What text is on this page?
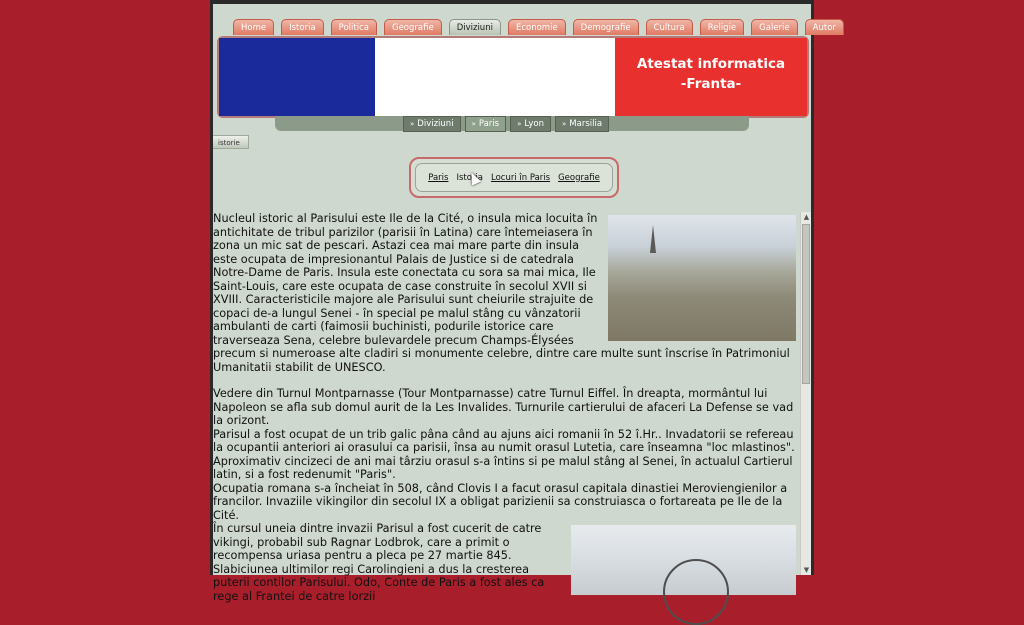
Home	Istoria	Politica	Geografie	Diviziuni	Economie	Demografie	Cultura	Religie	Galerie	Autor
Atestat informatica
-Franta-
» Diviziuni	» Paris	» Lyon	» Marsilia
istorie
Paris Istoria Locuri în Paris Geografie

Nucleul istoric al Parisului este Ile de la Cité, o insula mica locuita în antichitate de tribul parizilor (parisii în Latina) care întemeiasera în zona un mic sat de pescari. Astazi cea mai mare parte din insula este ocupata de impresionantul Palais de Justice si de catedrala Notre-Dame de Paris. Insula este conectata cu sora sa mai mica, Ile Saint-Louis, care este ocupata de case construite în secolul XVII si XVIII. Caracteristicile majore ale Parisului sunt cheiurile strajuite de copaci de-a lungul Senei - în special pe malul stâng cu vânzatorii ambulanti de carti (faimosii buchinisti, podurile istorice care traverseaza Sena, celebre bulevardele precum Champs-Élysées precum si numeroase alte cladiri si monumente celebre, dintre care multe sunt înscrise în Patrimoniul Umanitatii stabilit de UNESCO.

Vedere din Turnul Montparnasse (Tour Montparnasse) catre Turnul Eiffel. În dreapta, mormântul lui Napoleon se afla sub domul aurit de la Les Invalides. Turnurile cartierului de afaceri La Defense se vad la orizont.

Parisul a fost ocupat de un trib galic pâna când au ajuns aici romanii în 52 î.Hr.. Invadatorii se refereau la ocupantii anteriori ai orasului ca parisii, însa au numit orasul Lutetia, care înseamna "loc mlastinos". Aproximativ cincizeci de ani mai târziu orasul s-a întins si pe malul stâng al Senei, în actualul Cartierul latin, si a fost redenumit "Paris".

Ocupatia romana s-a încheiat în 508, când Clovis I a facut orasul capitala dinastiei Meroviengienilor a francilor. Invaziile vikingilor din secolul IX a obligat parizienii sa construiasca o fortareata pe Ile de la Cité.

În cursul uneia dintre invazii Parisul a fost cucerit de catre vikingi, probabil sub Ragnar Lodbrok, care a primit o recompensa uriasa pentru a pleca pe 27 martie 845. Slabiciunea ultimilor regi Carolingieni a dus la cresterea puterii contilor Parisului. Odo, Conte de Paris a fost ales ca rege al Frantei de catre lorzii

▲
▼
